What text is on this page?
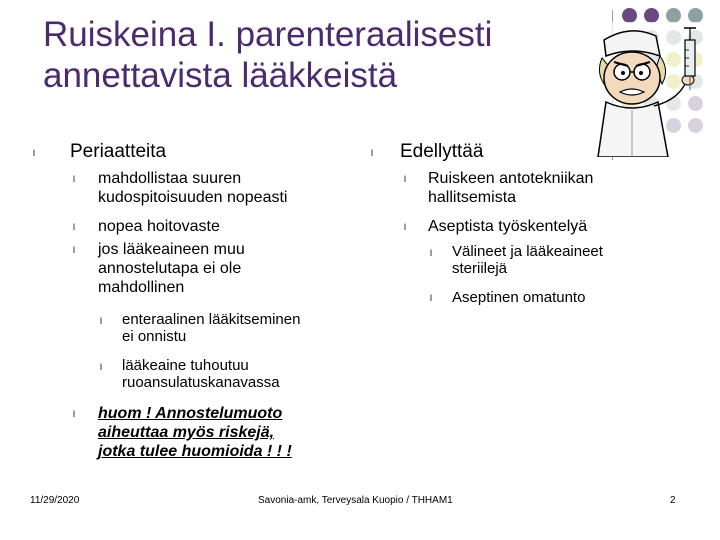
Ruiskeina I. parenteraalisesti
annettavista lääkkeistä
l Periaatteita
l mahdollistaa suuren
kudospitoisuuden nopeasti
l nopea hoitovaste
l jos lääkeaineen muu
annostelutapa ei ole
mahdollinen
l enteraalinen lääkitseminen
ei onnistu
l lääkeaine tuhoutuu
ruoansulatuskanavassa
l huom ! Annostelumuoto
aiheuttaa myös riskejä,
jotka tulee huomioida ! ! !
l Edellyttää
l Ruiskeen antotekniikan
hallitsemista
l Aseptista työskentelyä
l Välineet ja lääkeaineet
steriilejä
l Aseptinen omatunto
11/29/2020	Savonia-amk, Terveysala Kuopio / THHAM1	2
